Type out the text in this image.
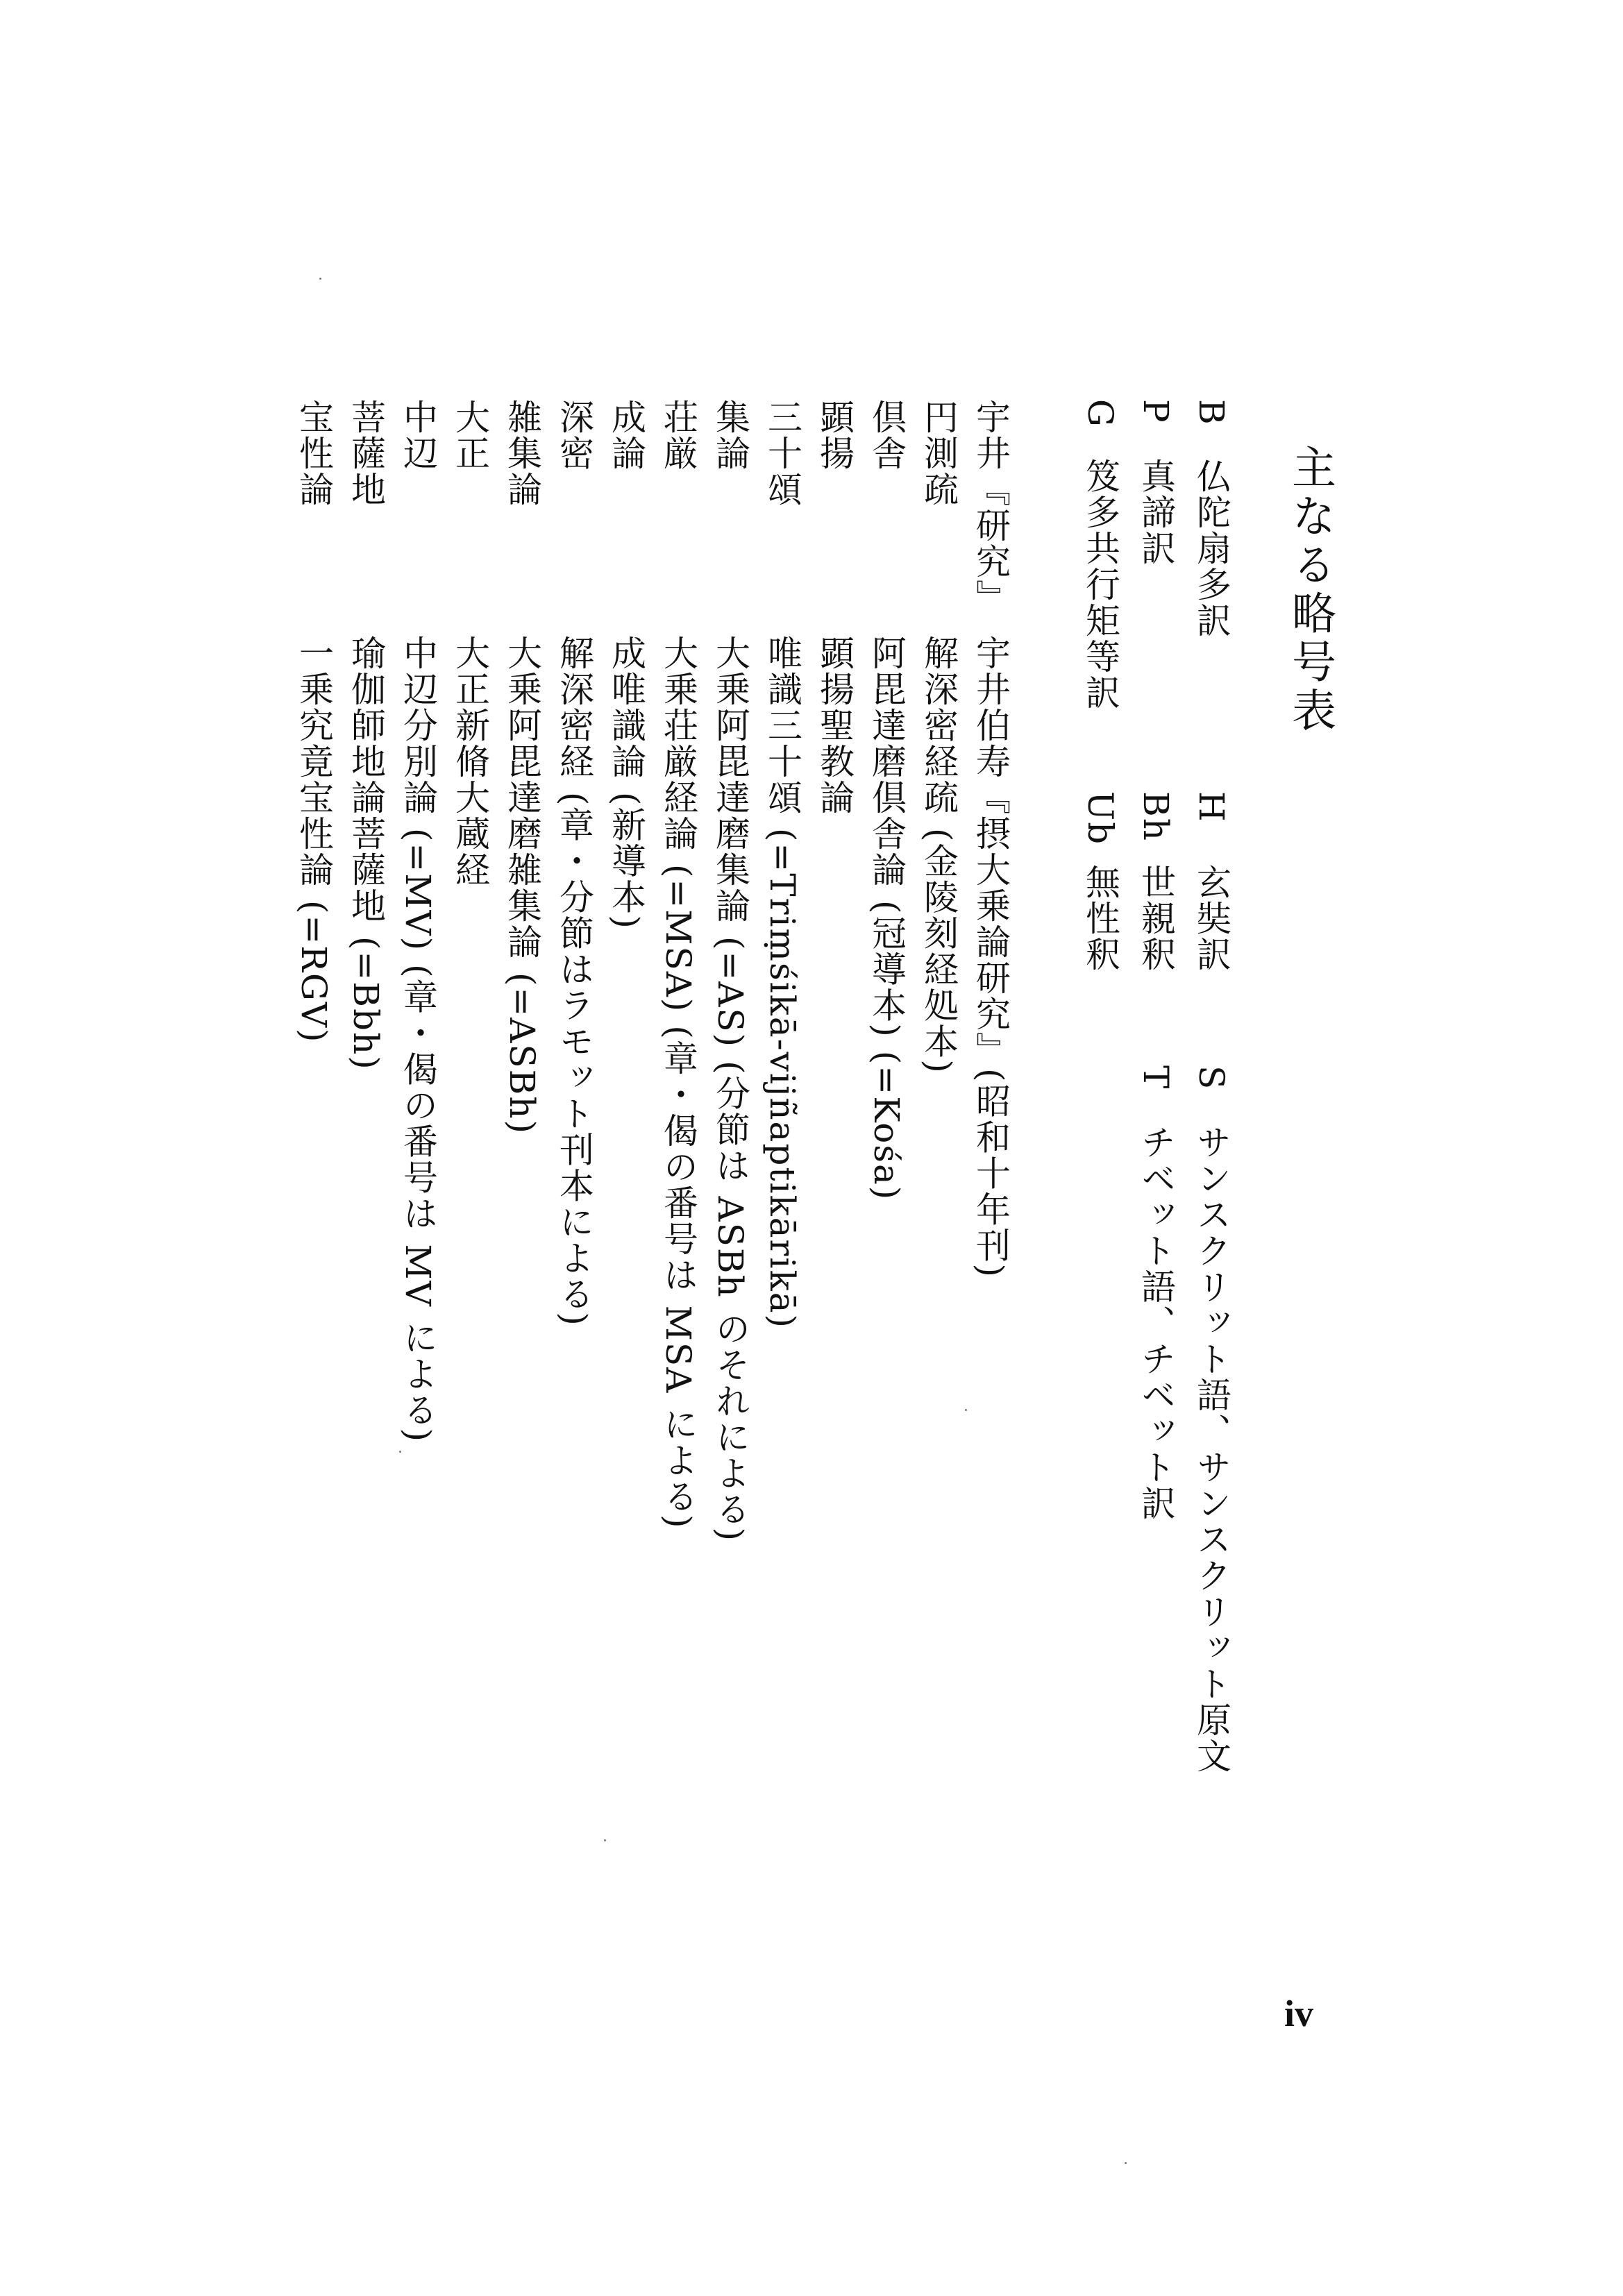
主なる略号表
B
仏陀扇多訳
P
真諦訳
G
笈多共行矩等訳
H
玄奘訳
Bh
世親釈
Ub
無性釈
S
サンスクリット語、サンスクリット原文
T
チベット語、チベット訳
宇井『研究』
宇井伯寿『摂大乗論研究』(昭和十年刊)
円測疏
解深密経疏 (金陵刻経処本)
倶舎
阿毘達磨倶舎論 (冠導本) (=Kośa)
顕揚
顕揚聖教論
三十頌
唯識三十頌 (=Triṃśikā-vijñaptikārikā)
集論
大乗阿毘達磨集論 (=AS) (分節は ASBh のそれによる)
荘厳
大乗荘厳経論 (=MSA) (章・偈の番号は MSA による)
成論
成唯識論 (新導本)
深密
解深密経 (章・分節はラモット刊本による)
雑集論
大乗阿毘達磨雑集論 (=ASBh)
大正
大正新脩大蔵経
中辺
中辺分別論 (=MV) (章・偈の番号は MV による)
菩薩地
瑜伽師地論菩薩地 (=Bbh)
宝性論
一乗究竟宝性論 (=RGV)
iv
